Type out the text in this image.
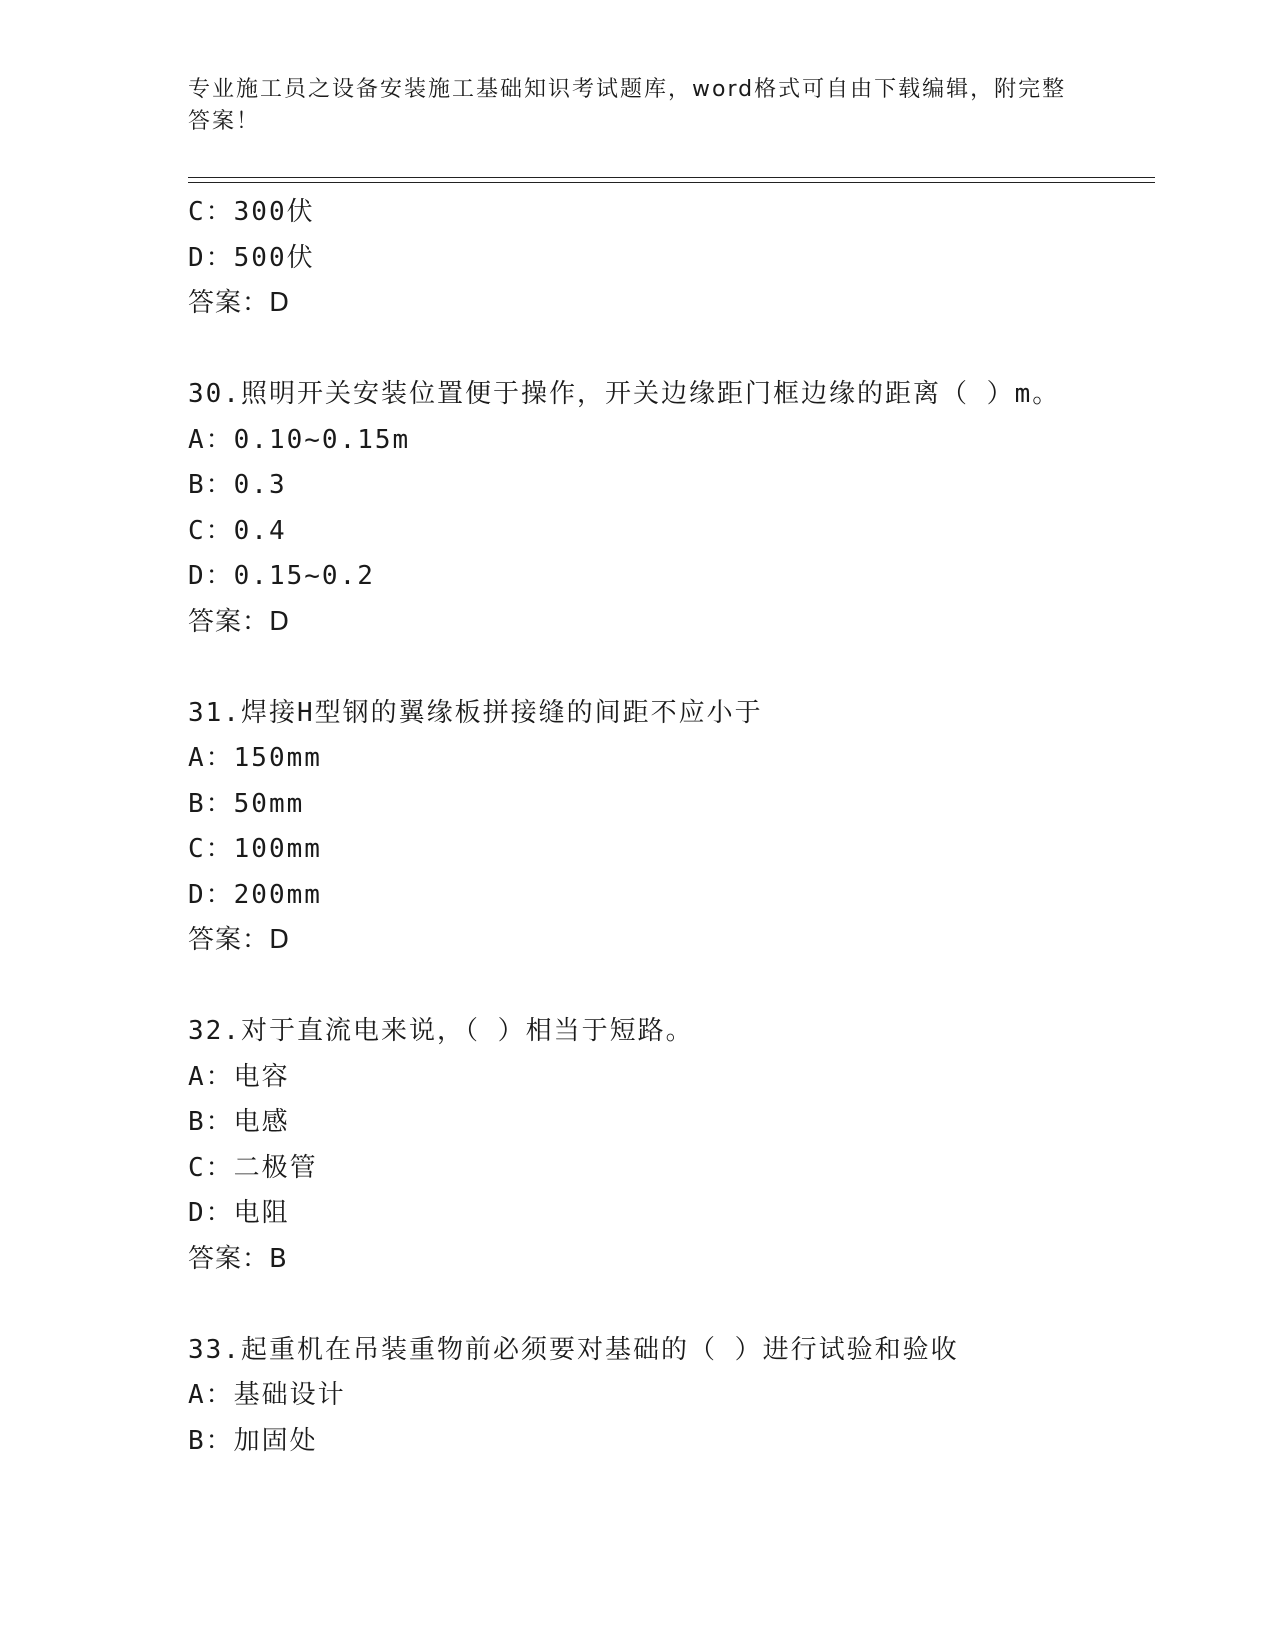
专业施工员之设备安装施工基础知识考试题库，word格式可自由下载编辑，附完整答案！
C：300伏
D：500伏
答案：D
30.照明开关安装位置便于操作，开关边缘距门框边缘的距离（ ）m。
A：0.10~0.15m
B：0.3
C：0.4
D：0.15~0.2
答案：D
31.焊接H型钢的翼缘板拼接缝的间距不应小于
A：150mm
B：50mm
C：100mm
D：200mm
答案：D
32.对于直流电来说，（ ）相当于短路。
A：电容
B：电感
C：二极管
D：电阻
答案：B
33.起重机在吊装重物前必须要对基础的（ ）进行试验和验收
A：基础设计
B：加固处
